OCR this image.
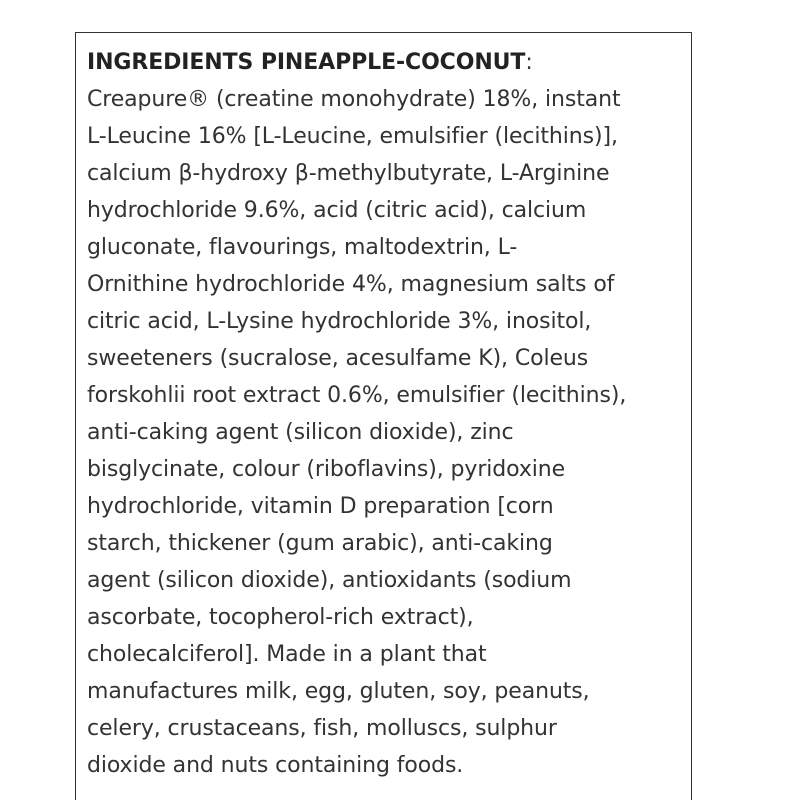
INGREDIENTS PINEAPPLE-COCONUT:
Creapure® (creatine monohydrate) 18%, instant
L-Leucine 16% [L-Leucine, emulsifier (lecithins)],
calcium β-hydroxy β-methylbutyrate, L-Arginine
hydrochloride 9.6%, acid (citric acid), calcium
gluconate, flavourings, maltodextrin, L-
Ornithine hydrochloride 4%, magnesium salts of
citric acid, L-Lysine hydrochloride 3%, inositol,
sweeteners (sucralose, acesulfame K), Coleus
forskohlii root extract 0.6%, emulsifier (lecithins),
anti-caking agent (silicon dioxide), zinc
bisglycinate, colour (riboflavins), pyridoxine
hydrochloride, vitamin D preparation [corn
starch, thickener (gum arabic), anti-caking
agent (silicon dioxide), antioxidants (sodium
ascorbate, tocopherol-rich extract),
cholecalciferol]. Made in a plant that
manufactures milk, egg, gluten, soy, peanuts,
celery, crustaceans, fish, molluscs, sulphur
dioxide and nuts containing foods.
